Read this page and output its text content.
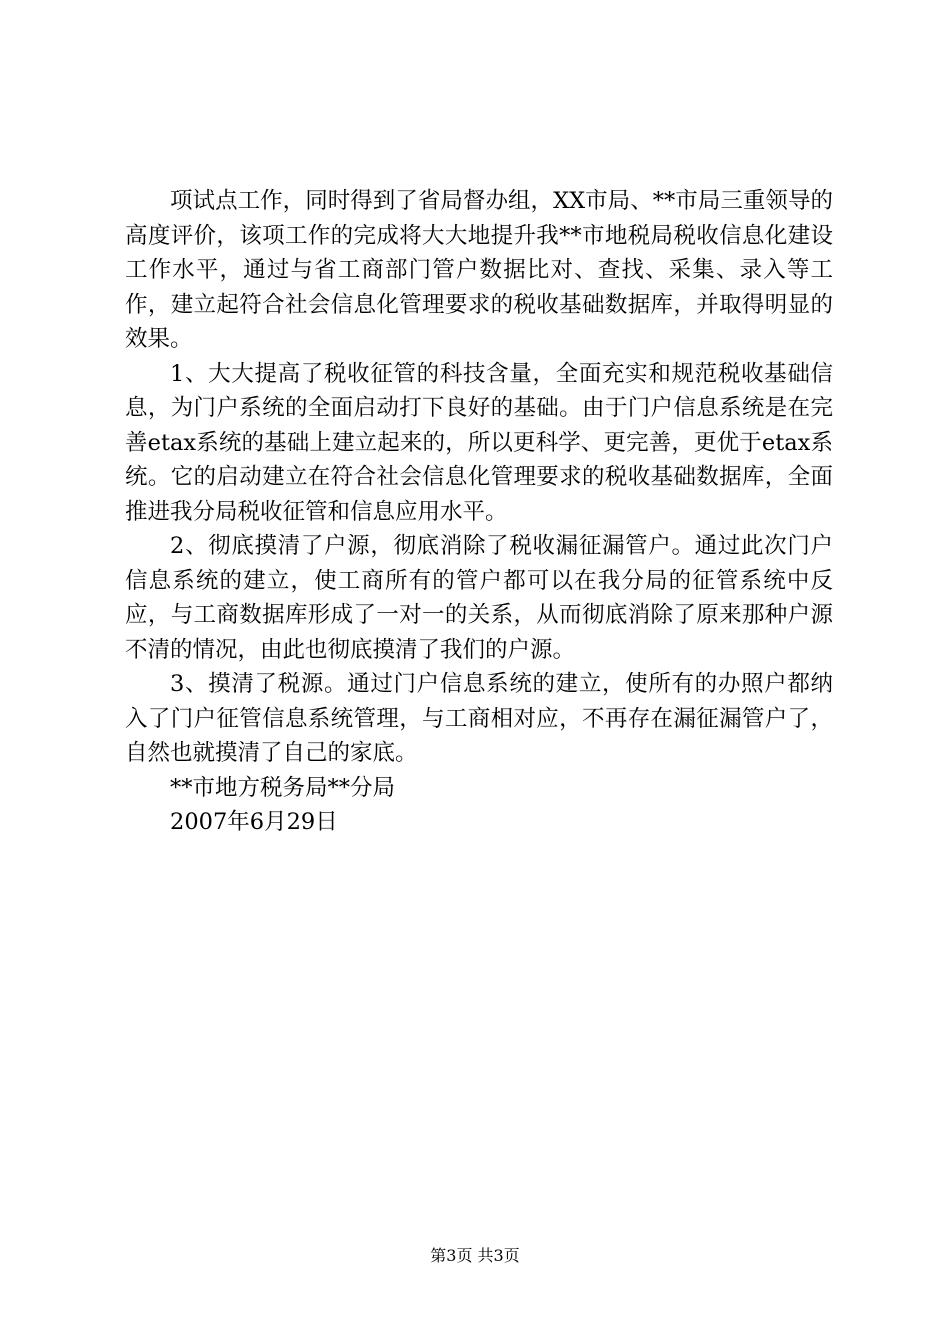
项试点工作，同时得到了省局督办组，XX市局、**市局三重领导的高度评价，该项工作的完成将大大地提升我**市地税局税收信息化建设工作水平，通过与省工商部门管户数据比对、查找、采集、录入等工作，建立起符合社会信息化管理要求的税收基础数据库，并取得明显的效果。

1、大大提高了税收征管的科技含量，全面充实和规范税收基础信息，为门户系统的全面启动打下良好的基础。由于门户信息系统是在完善etax系统的基础上建立起来的，所以更科学、更完善，更优于etax系统。它的启动建立在符合社会信息化管理要求的税收基础数据库，全面推进我分局税收征管和信息应用水平。

2、彻底摸清了户源，彻底消除了税收漏征漏管户。通过此次门户信息系统的建立，使工商所有的管户都可以在我分局的征管系统中反应，与工商数据库形成了一对一的关系，从而彻底消除了原来那种户源不清的情况，由此也彻底摸清了我们的户源。

3、摸清了税源。通过门户信息系统的建立，使所有的办照户都纳入了门户征管信息系统管理，与工商相对应，不再存在漏征漏管户了，自然也就摸清了自己的家底。

**市地方税务局**分局

2007年6月29日

第3页 共3页
